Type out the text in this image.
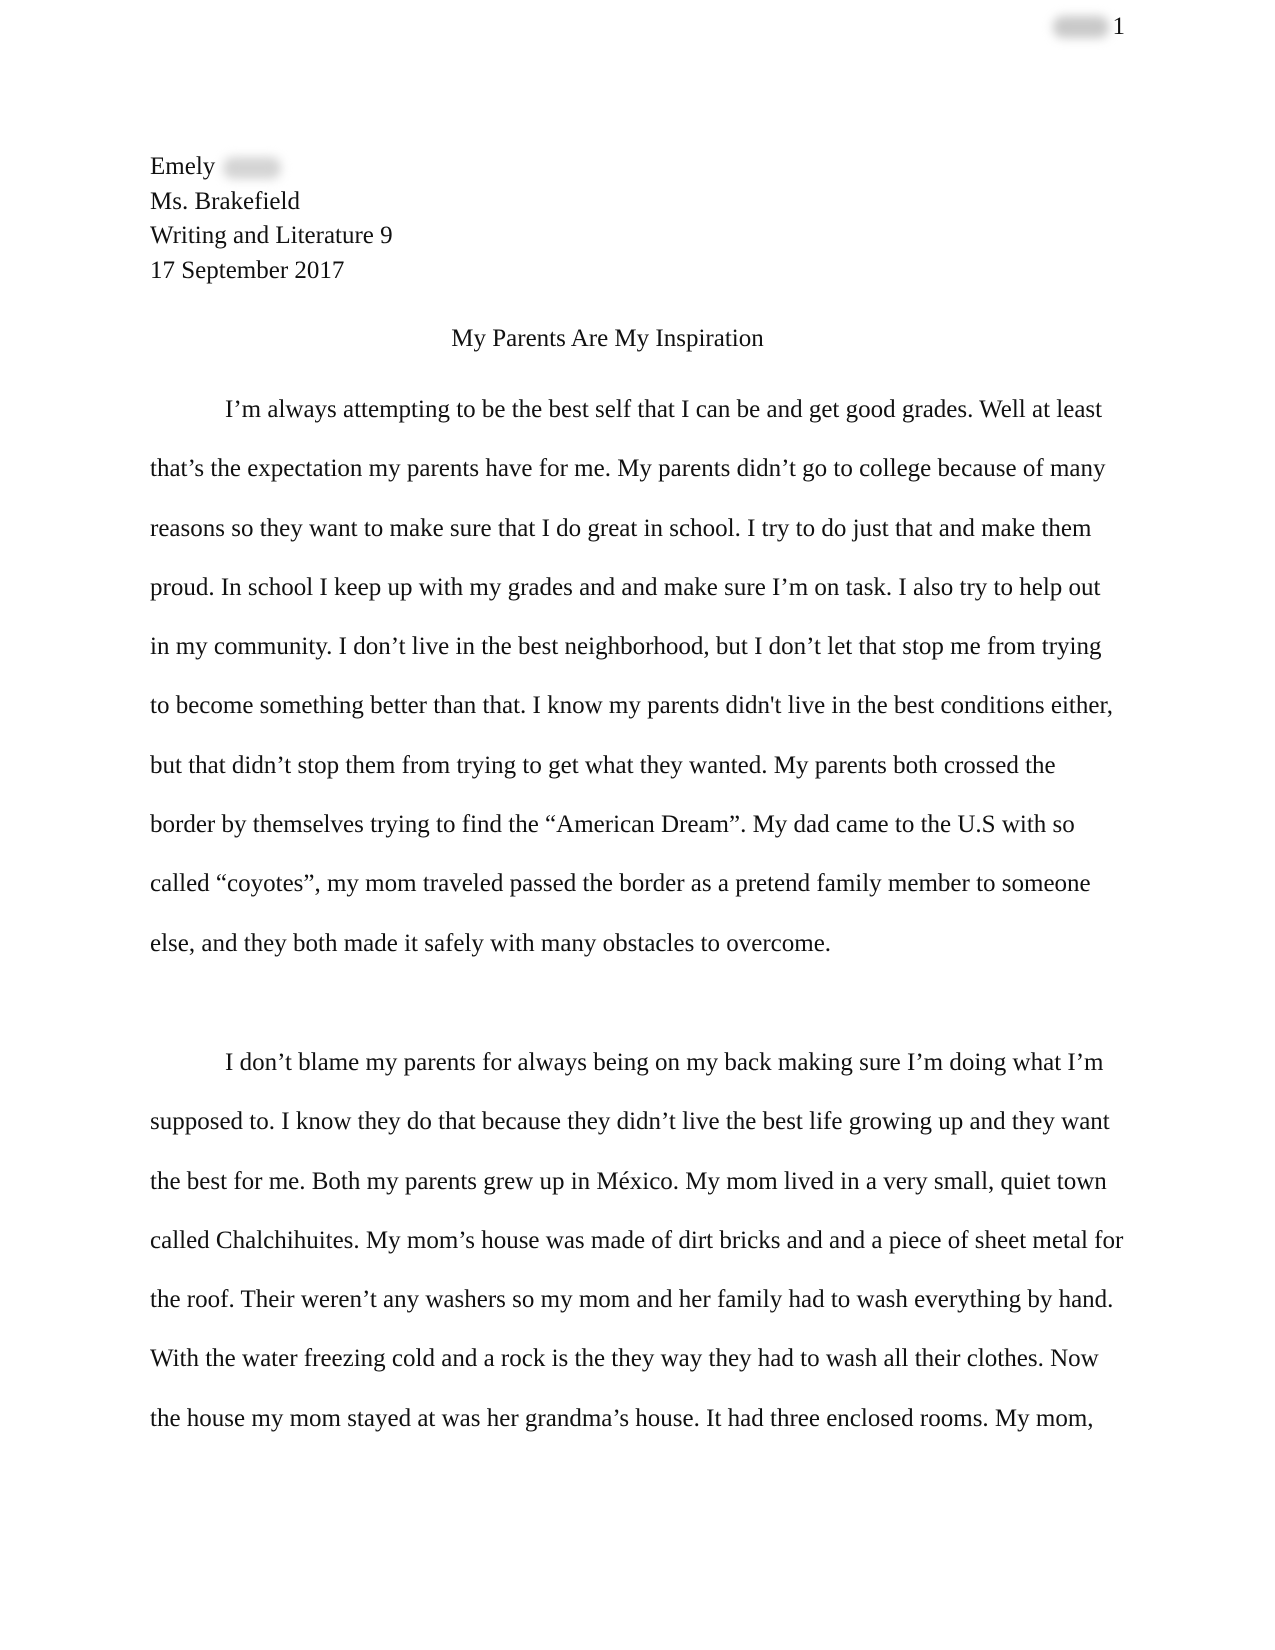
1
Emely
Ms. Brakefield
Writing and Literature 9
17 September 2017
My Parents Are My Inspiration
I’m always attempting to be the best self that I can be and get good grades. Well at least
that’s the expectation my parents have for me. My parents didn’t go to college because of many
reasons so they want to make sure that I do great in school. I try to do just that and make them
proud. In school I keep up with my grades and and make sure I’m on task. I also try to help out
in my community. I don’t live in the best neighborhood, but I don’t let that stop me from trying
to become something better than that. I know my parents didn't live in the best conditions either,
but that didn’t stop them from trying to get what they wanted. My parents both crossed the
border by themselves trying to find the “American Dream”. My dad came to the U.S with so
called “coyotes”, my mom traveled passed the border as a pretend family member to someone
else, and they both made it safely with many obstacles to overcome.
I don’t blame my parents for always being on my back making sure I’m doing what I’m
supposed to. I know they do that because they didn’t live the best life growing up and they want
the best for me. Both my parents grew up in México. My mom lived in a very small, quiet town
called Chalchihuites. My mom’s house was made of dirt bricks and and a piece of sheet metal for
the roof. Their weren’t any washers so my mom and her family had to wash everything by hand.
With the water freezing cold and a rock is the they way they had to wash all their clothes. Now
the house my mom stayed at was her grandma’s house. It had three enclosed rooms. My mom,
